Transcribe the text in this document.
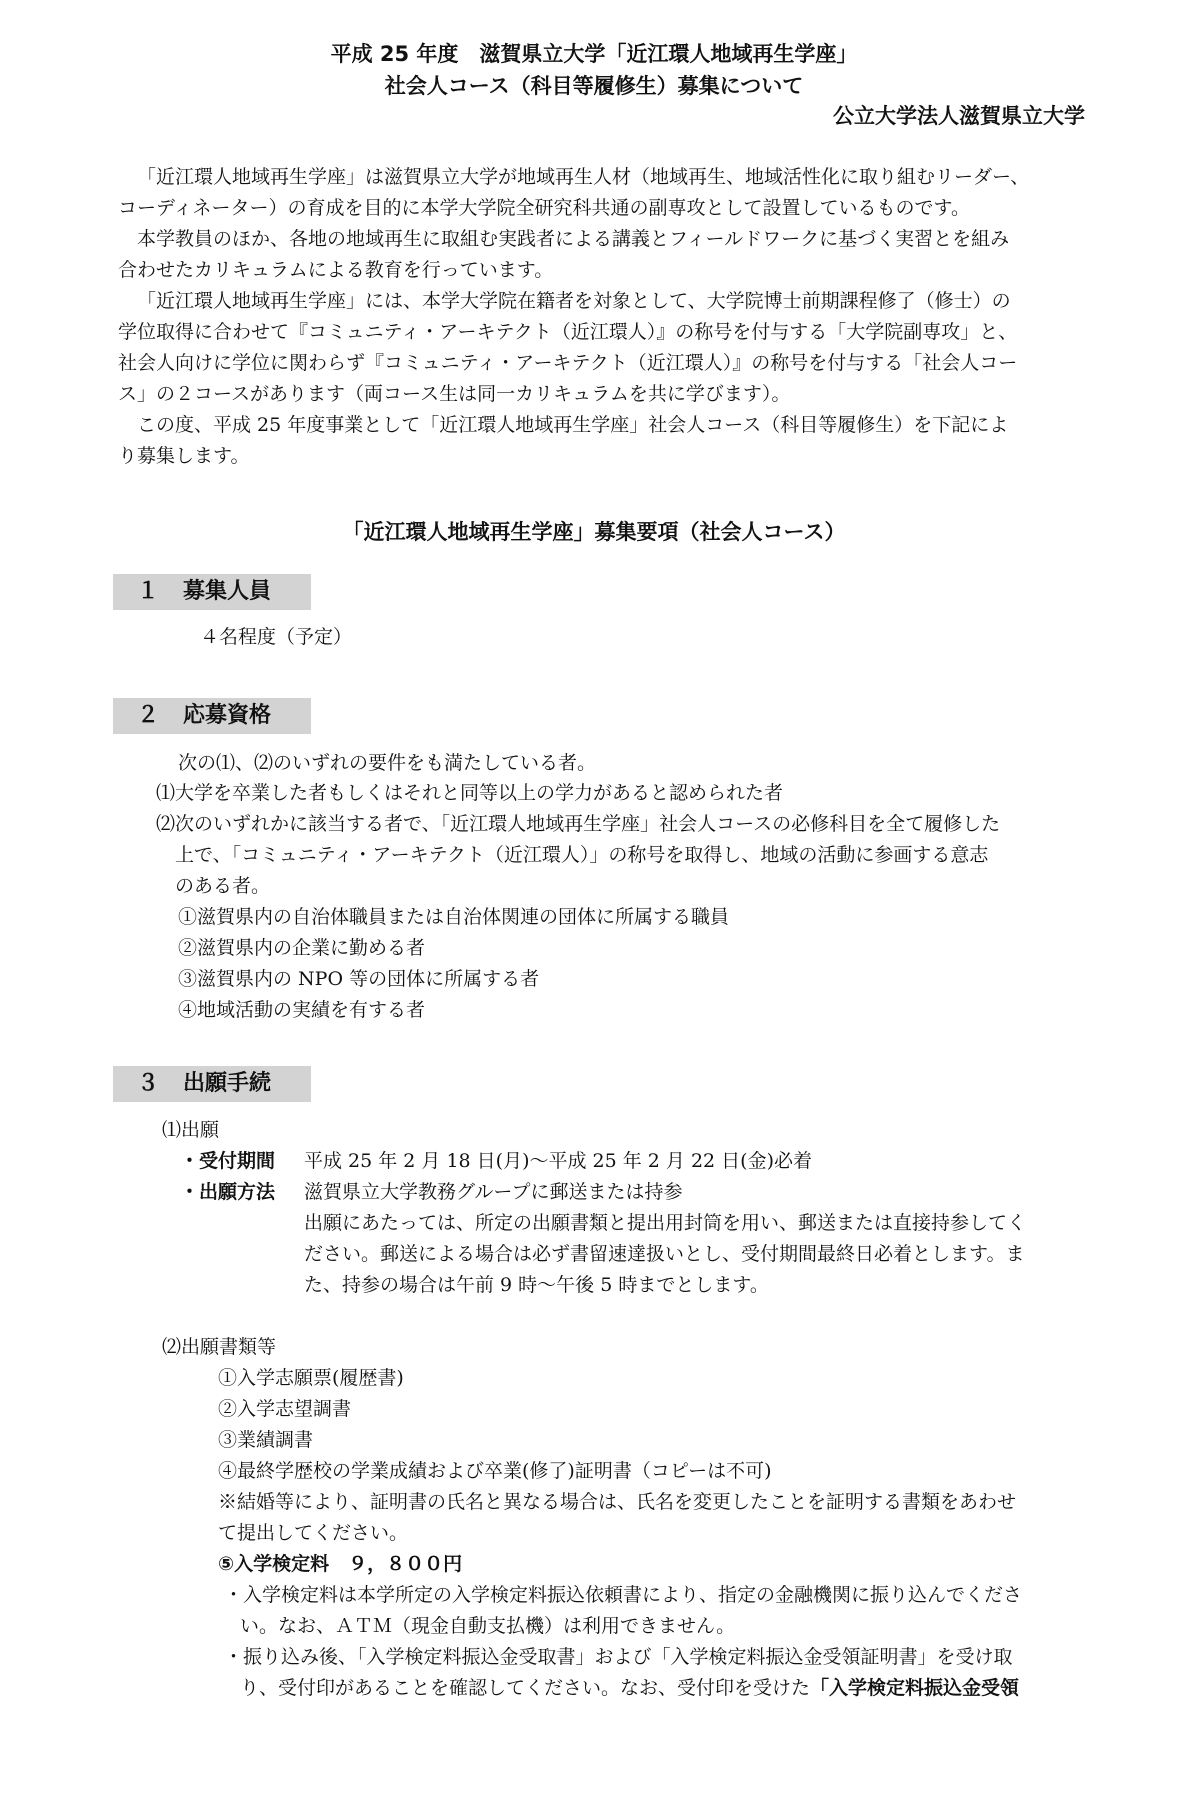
平成 25 年度　滋賀県立大学「近江環人地域再生学座」
社会人コース（科目等履修生）募集について
公立大学法人滋賀県立大学

「近江環人地域再生学座」は滋賀県立大学が地域再生人材（地域再生、地域活性化に取り組むリーダー、

コーディネーター）の育成を目的に本学大学院全研究科共通の副専攻として設置しているものです。

本学教員のほか、各地の地域再生に取組む実践者による講義とフィールドワークに基づく実習とを組み

合わせたカリキュラムによる教育を行っています。

「近江環人地域再生学座」には、本学大学院在籍者を対象として、大学院博士前期課程修了（修士）の

学位取得に合わせて『コミュニティ・アーキテクト（近江環人）』の称号を付与する「大学院副専攻」と、

社会人向けに学位に関わらず『コミュニティ・アーキテクト（近江環人）』の称号を付与する「社会人コー

ス」の２コースがあります（両コース生は同一カリキュラムを共に学びます）。

この度、平成 25 年度事業として「近江環人地域再生学座」社会人コース（科目等履修生）を下記によ

り募集します。

「近江環人地域再生学座」募集要項（社会人コース）
１ 募集人員
４名程度（予定）
２ 応募資格
次の⑴、⑵のいずれの要件をも満たしている者。
⑴大学を卒業した者もしくはそれと同等以上の学力があると認められた者
⑵次のいずれかに該当する者で、「近江環人地域再生学座」社会人コースの必修科目を全て履修した
上で、「コミュニティ・アーキテクト（近江環人）」の称号を取得し、地域の活動に参画する意志
のある者。
①滋賀県内の自治体職員または自治体関連の団体に所属する職員
②滋賀県内の企業に勤める者
③滋賀県内の NPO 等の団体に所属する者
④地域活動の実績を有する者
３ 出願手続
⑴出願
・受付期間 平成 25 年 2 月 18 日(月)～平成 25 年 2 月 22 日(金)必着
・出願方法 滋賀県立大学教務グループに郵送または持参
出願にあたっては、所定の出願書類と提出用封筒を用い、郵送または直接持参してく
ださい。郵送による場合は必ず書留速達扱いとし、受付期間最終日必着とします。ま
た、持参の場合は午前 9 時～午後 5 時までとします。
⑵出願書類等
①入学志願票(履歴書)
②入学志望調書
③業績調書
④最終学歴校の学業成績および卒業(修了)証明書（コピーは不可)
※結婚等により、証明書の氏名と異なる場合は、氏名を変更したことを証明する書類をあわせ
て提出してください。
⑤入学検定料　９，８００円
・入学検定料は本学所定の入学検定料振込依頼書により、指定の金融機関に振り込んでくださ
い。なお、ＡＴＭ（現金自動支払機）は利用できません。
・振り込み後、「入学検定料振込金受取書」および「入学検定料振込金受領証明書」を受け取
り、受付印があることを確認してください。なお、受付印を受けた「入学検定料振込金受領
